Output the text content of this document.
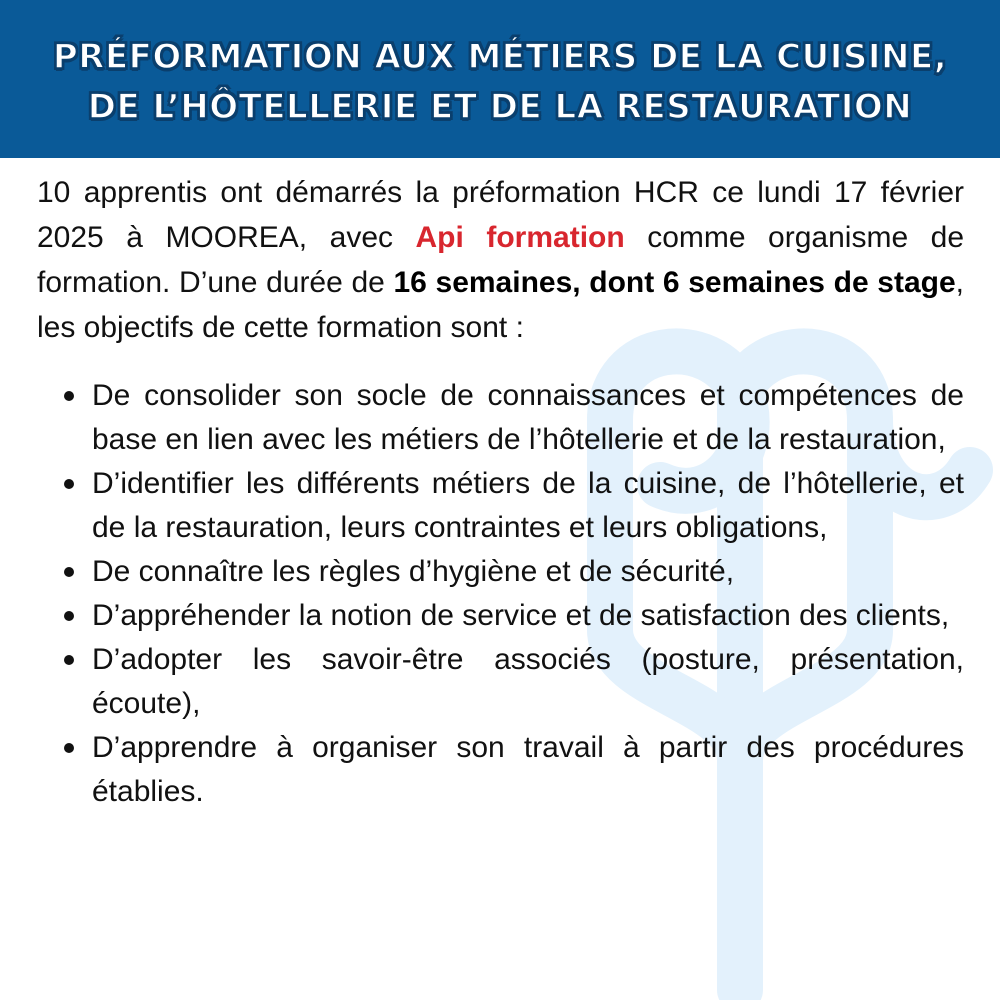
PRÉFORMATION AUX MÉTIERS DE LA CUISINE,
DE L’HÔTELLERIE ET DE LA RESTAURATION

10 apprentis ont démarrés la préformation HCR ce lundi 17 février 2025 à MOOREA, avec Api formation comme organisme de formation. D’une durée de 16 semaines, dont 6 semaines de stage, les objectifs de cette formation sont :

De consolider son socle de connaissances et compétences de base en lien avec les métiers de l’hôtellerie et de la restauration,
D’identifier les différents métiers de la cuisine, de l’hôtellerie, et de la restauration, leurs contraintes et leurs obligations,
De connaître les règles d’hygiène et de sécurité,
D’appréhender la notion de service et de satisfaction des clients,
D’adopter les savoir-être associés (posture, présentation, écoute),
D’apprendre à organiser son travail à partir des procédures établies.
